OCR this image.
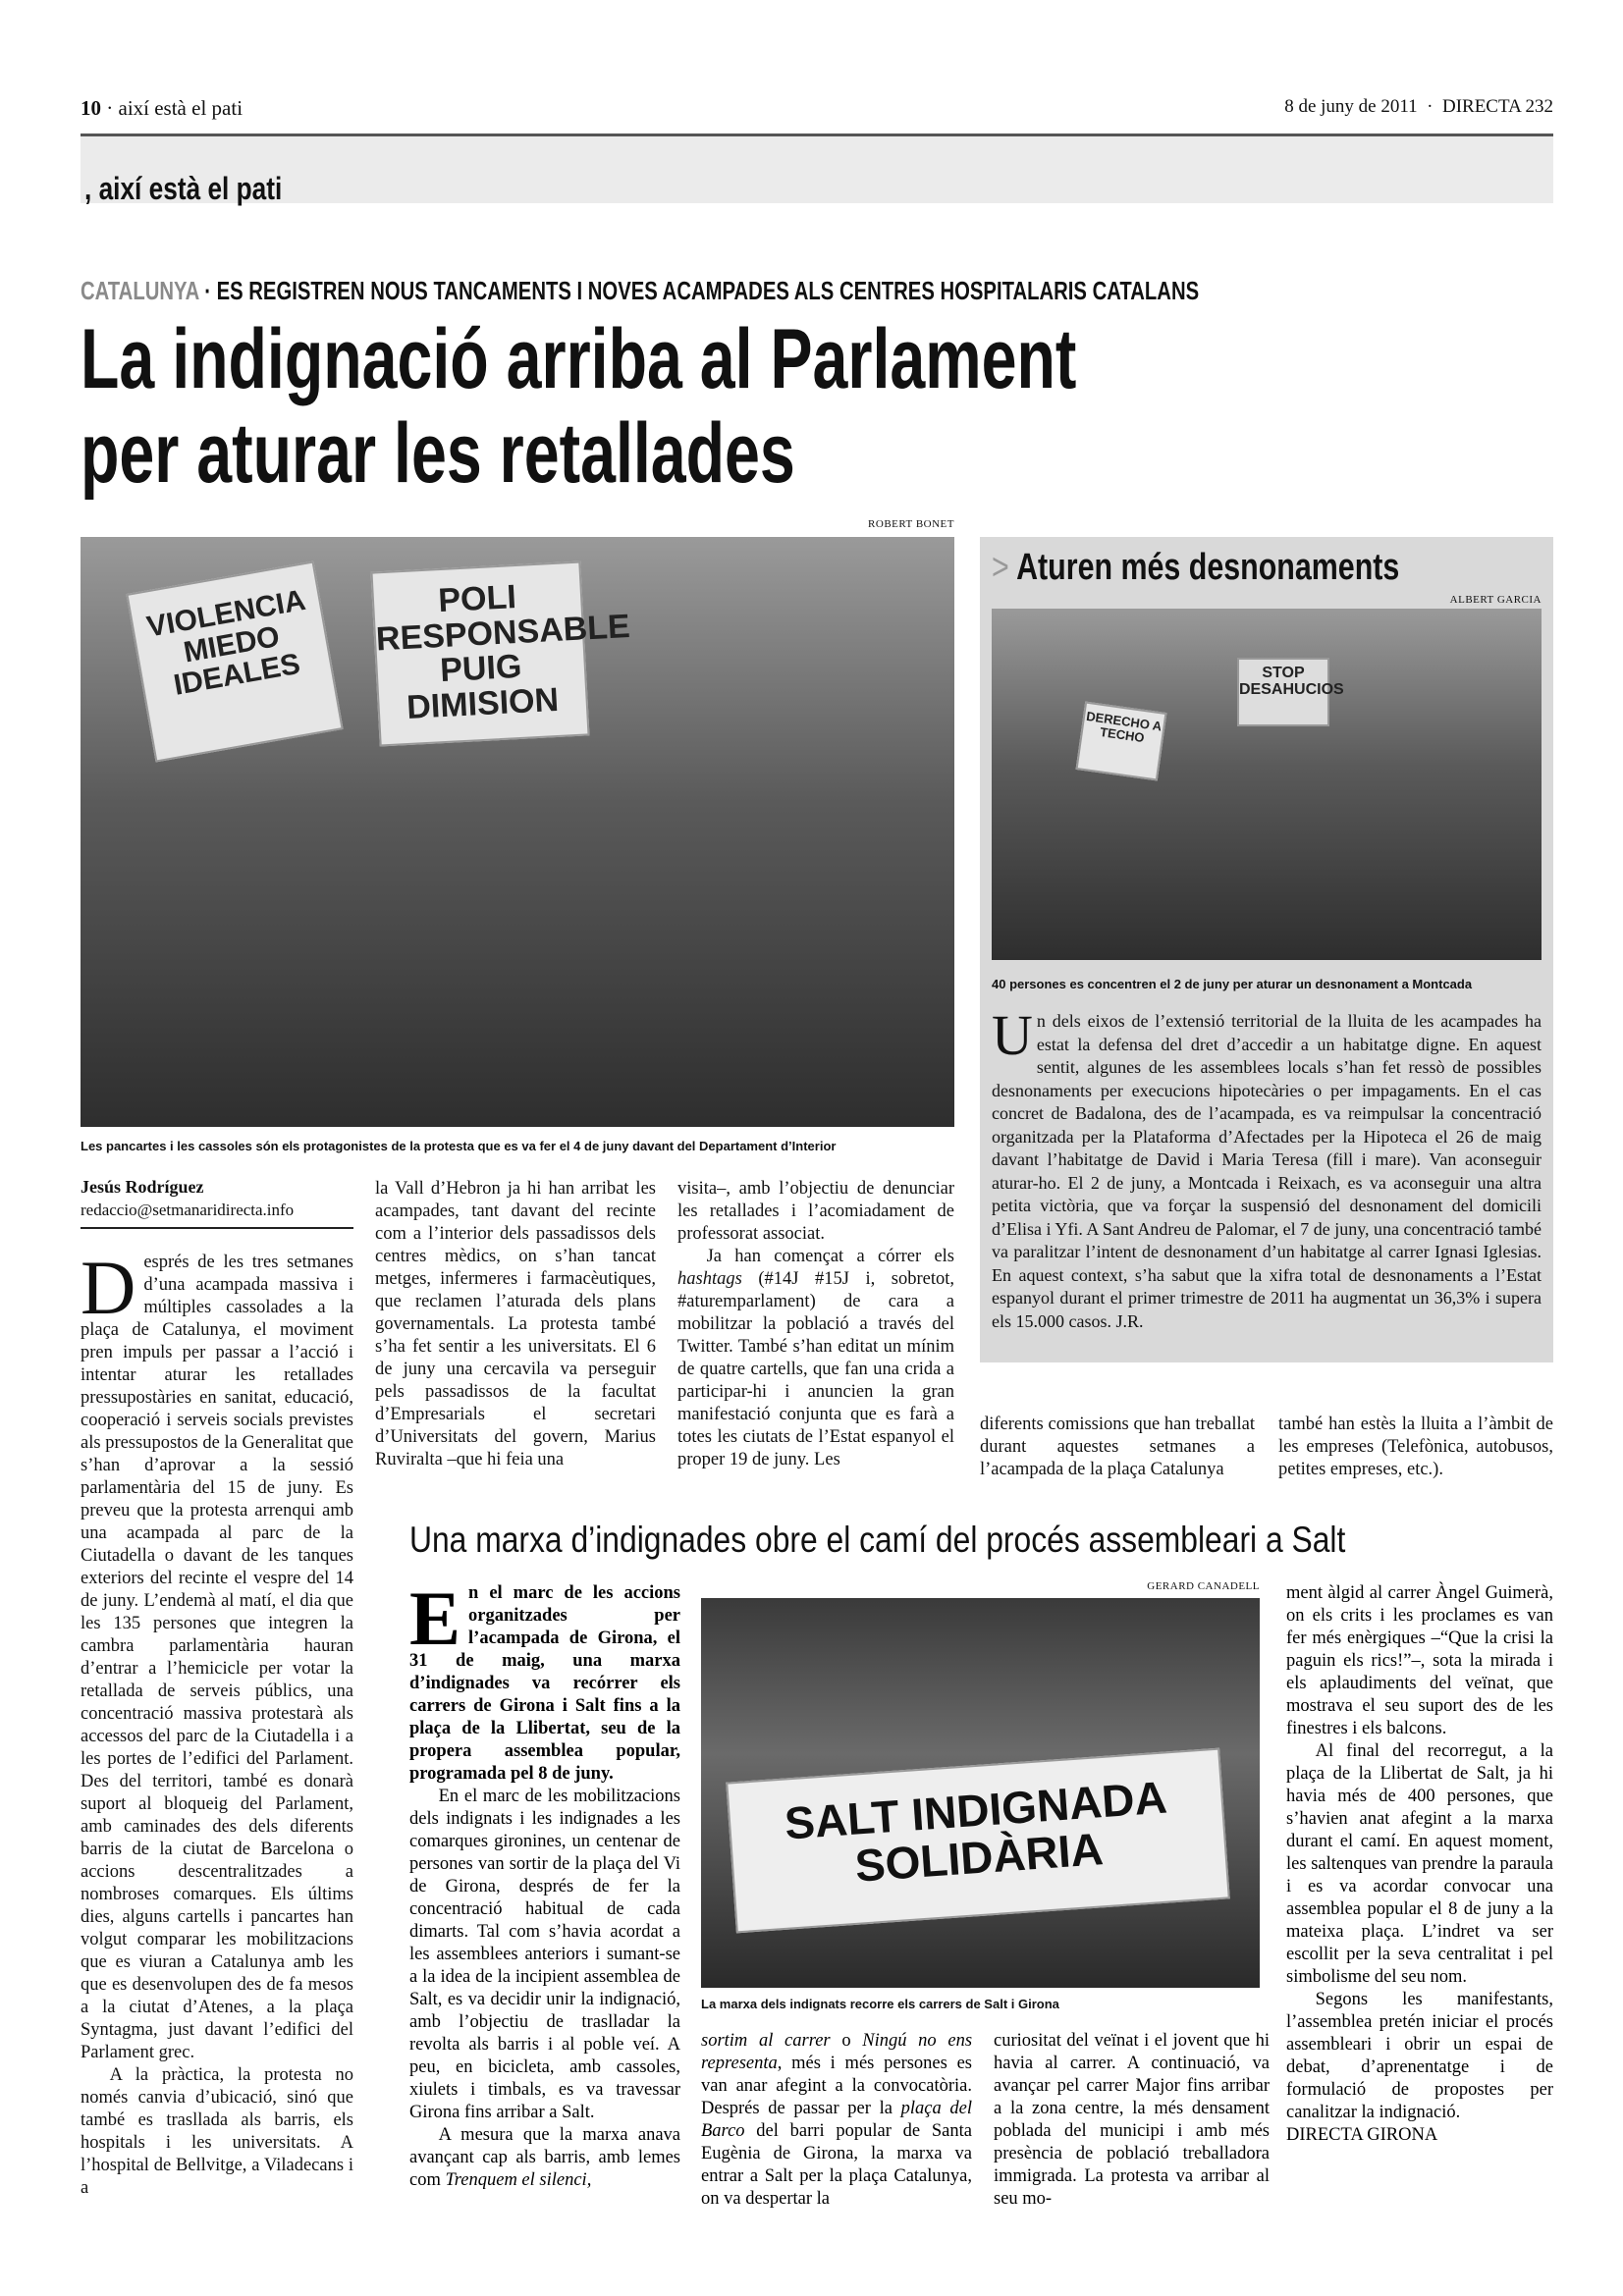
10 · així està el pati	8 de juny de 2011 · DIRECTA 232
, així està el pati
CATALUNYA · ES REGISTREN NOUS TANCAMENTS I NOVES ACAMPADES ALS CENTRES HOSPITALARIS CATALANS
La indignació arriba al Parlament
per aturar les retallades
ROBERT BONET
VIOLENCIA MIEDO IDEALES
POLI RESPONSABLE PUIG DIMISION
Les pancartes i les cassoles són els protagonistes de la protesta que es va fer el 4 de juny davant del Departament d’Interior
Jesús Rodríguez
redaccio@setmanaridirecta.info

Després de les tres setmanes d’una acampada massiva i múltiples cassolades a la plaça de Catalunya, el moviment pren impuls per passar a l’acció i intentar aturar les retallades pressupostàries en sanitat, educació, cooperació i serveis socials previstes als pressupostos de la Generalitat que s’han d’aprovar a la sessió parlamentària del 15 de juny. Es preveu que la protesta arrenqui amb una acampada al parc de la Ciutadella o davant de les tanques exteriors del recinte el vespre del 14 de juny. L’endemà al matí, el dia que les 135 persones que integren la cambra parlamentària hauran d’entrar a l’hemicicle per votar la retallada de serveis públics, una concentració massiva protestarà als accessos del parc de la Ciutadella i a les portes de l’edifici del Parlament. Des del territori, també es donarà suport al bloqueig del Parlament, amb caminades des dels diferents barris de la ciutat de Barcelona o accions descentralitzades a nombroses comarques. Els últims dies, alguns cartells i pancartes han volgut comparar les mobilitzacions que es viuran a Catalunya amb les que es desenvolupen des de fa mesos a la ciutat d’Atenes, a la plaça Syntagma, just davant l’edifici del Parlament grec.

A la pràctica, la protesta no només canvia d’ubicació, sinó que també es trasllada als barris, els hospitals i les universitats. A l’hospital de Bellvitge, a Viladecans i a

la Vall d’Hebron ja hi han arribat les acampades, tant davant del recinte com a l’interior dels passadissos dels centres mèdics, on s’han tancat metges, infermeres i farmacèutiques, que reclamen l’aturada dels plans governamentals. La protesta també s’ha fet sentir a les universitats. El 6 de juny una cercavila va perseguir pels passadissos de la facultat d’Empresarials el secretari d’Universitats del govern, Marius Ruviralta –que hi feia una

visita–, amb l’objectiu de denunciar les retallades i l’acomiadament de professorat associat.

Ja han començat a córrer els hashtags (#14J #15J i, sobretot, #aturemparlament) de cara a mobilitzar la població a través del Twitter. També s’han editat un mínim de quatre cartells, que fan una crida a participar-hi i anuncien la gran manifestació conjunta que es farà a totes les ciutats de l’Estat espanyol el proper 19 de juny. Les

diferents comissions que han treballat durant aquestes setmanes a l’acampada de la plaça Catalunya

també han estès la lluita a l’àmbit de les empreses (Telefònica, autobusos, petites empreses, etc.).

> Aturen més desnonaments
ALBERT GARCIA
STOP DESAHUCIOS
DERECHO A TECHO
40 persones es concentren el 2 de juny per aturar un desnonament a Montcada

Un dels eixos de l’extensió territorial de la lluita de les acampades ha estat la defensa del dret d’accedir a un habitatge digne. En aquest sentit, algunes de les assemblees locals s’han fet ressò de possibles desnonaments per execucions hipotecàries o per impagaments. En el cas concret de Badalona, des de l’acampada, es va reimpulsar la concentració organitzada per la Plataforma d’Afectades per la Hipoteca el 26 de maig davant l’habitatge de David i Maria Teresa (fill i mare). Van aconseguir aturar-ho. El 2 de juny, a Montcada i Reixach, es va aconseguir una altra petita victòria, que va forçar la suspensió del desnonament del domicili d’Elisa i Yfi. A Sant Andreu de Palomar, el 7 de juny, una concentració també va paralitzar l’intent de desnonament d’un habitatge al carrer Ignasi Iglesias. En aquest context, s’ha sabut que la xifra total de desnonaments a l’Estat espanyol durant el primer trimestre de 2011 ha augmentat un 36,3% i supera els 15.000 casos. J.R.

Una marxa d’indignades obre el camí del procés assembleari a Salt

En el marc de les accions organitzades per l’acampada de Girona, el 31 de maig, una marxa d’indignades va recórrer els carrers de Girona i Salt fins a la plaça de la Llibertat, seu de la propera assemblea popular, programada pel 8 de juny.

En el marc de les mobilitzacions dels indignats i les indignades a les comarques gironines, un centenar de persones van sortir de la plaça del Vi de Girona, després de fer la concentració habitual de cada dimarts. Tal com s’havia acordat a les assemblees anteriors i sumant-se a la idea de la incipient assemblea de Salt, es va decidir unir la indignació, amb l’objectiu de traslladar la revolta als barris i al poble veí. A peu, en bicicleta, amb cassoles, xiulets i timbals, es va travessar Girona fins arribar a Salt.

A mesura que la marxa anava avançant cap als barris, amb lemes com Trenquem el silenci,

GERARD CANADELL
SALT INDIGNADA SOLIDÀRIA
La marxa dels indignats recorre els carrers de Salt i Girona

sortim al carrer o Ningú no ens representa, més i més persones es van anar afegint a la convocatòria. Després de passar per la plaça del Barco del barri popular de Santa Eugènia de Girona, la marxa va entrar a Salt per la plaça Catalunya, on va despertar la

curiositat del veïnat i el jovent que hi havia al carrer. A continuació, va avançar pel carrer Major fins arribar a la zona centre, la més densament poblada del municipi i amb més presència de població treballadora immigrada. La protesta va arribar al seu mo-

ment àlgid al carrer Àngel Guimerà, on els crits i les proclames es van fer més enèrgiques –“Que la crisi la paguin els rics!”–, sota la mirada i els aplaudiments del veïnat, que mostrava el seu suport des de les finestres i els balcons.

Al final del recorregut, a la plaça de la Llibertat de Salt, ja hi havia més de 400 persones, que s’havien anat afegint a la marxa durant el camí. En aquest moment, les saltenques van prendre la paraula i es va acordar convocar una assemblea popular el 8 de juny a la mateixa plaça. L’indret va ser escollit per la seva centralitat i pel simbolisme del seu nom.

Segons les manifestants, l’assemblea pretén iniciar el procés assembleari i obrir un espai de debat, d’aprenentatge i de formulació de propostes per canalitzar la indignació.

DIRECTA GIRONA
